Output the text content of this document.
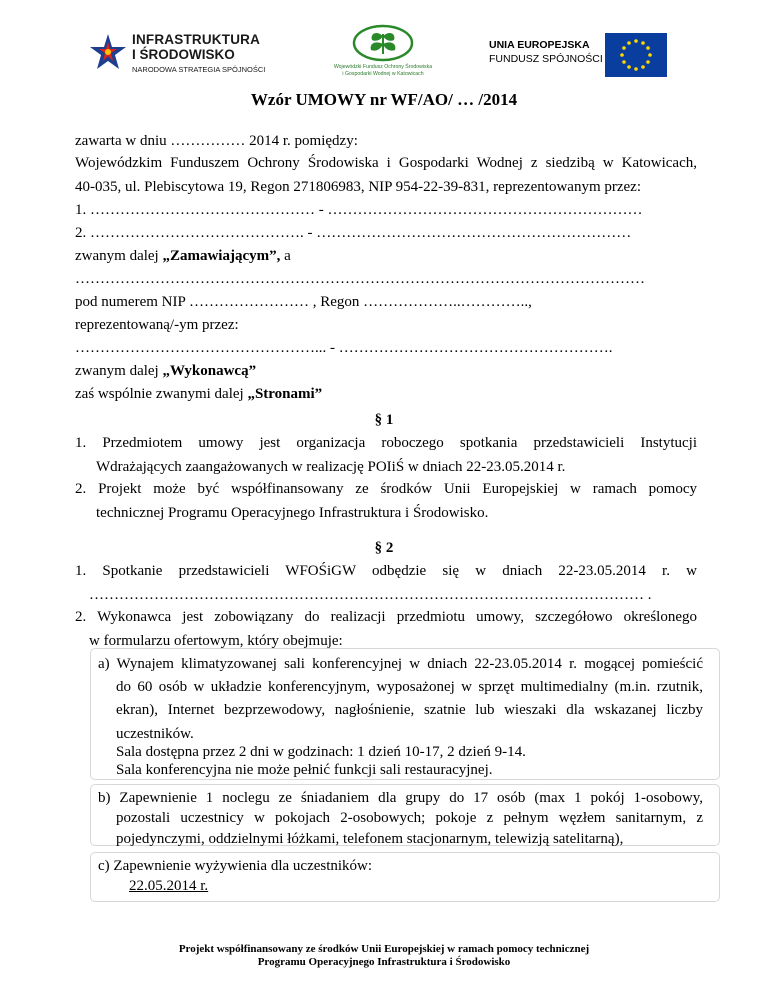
INFRASTRUKTURA
I ŚRODOWISKO
NARODOWA STRATEGIA SPÓJNOŚCI	Wojewódzki Fundusz Ochrony Środowiska
i Gospodarki Wodnej w Katowicach
UNIA EUROPEJSKA
FUNDUSZ SPÓJNOŚCI
Wzór UMOWY nr WF/AO/ … /2014
zawarta w dniu …………… 2014 r. pomiędzy:
Wojewódzkim Funduszem Ochrony Środowiska i Gospodarki Wodnej z siedzibą w Katowicach,
40-035, ul. Plebiscytowa 19, Regon 271806983, NIP 954-22-39-831, reprezentowanym przez:
1. ……………………………………… - ………………………………………………………
2. ……………………………………. - ………………………………………………………
zwanym dalej „Zamawiającym”, a
……………………………………………………………………………………………………
pod numerem NIP …………………… , Regon ………………..…………..,
reprezentowaną/-ym przez:
…………………………………………... - ……………………………………………….
zwanym dalej „Wykonawcą”
zaś wspólnie zwanymi dalej „Stronami”
§ 1
1. Przedmiotem umowy jest organizacja roboczego spotkania przedstawicieli Instytucji
Wdrażających zaangażowanych w realizację POIiŚ w dniach 22-23.05.2014 r.
2. Projekt może być współfinansowany ze środków Unii Europejskiej w ramach pomocy
technicznej Programu Operacyjnego Infrastruktura i Środowisko.
§ 2
1. Spotkanie przedstawicieli WFOŚiGW odbędzie się w dniach 22-23.05.2014 r. w
………………………………………………………………………………………………… .
2. Wykonawca jest zobowiązany do realizacji przedmiotu umowy, szczegółowo określonego
w formularzu ofertowym, który obejmuje:
a) Wynajem klimatyzowanej sali konferencyjnej w dniach 22-23.05.2014 r. mogącej pomieścić
do 60 osób w układzie konferencyjnym, wyposażonej w sprzęt multimedialny (m.in. rzutnik,
ekran), Internet bezprzewodowy, nagłośnienie, szatnie lub wieszaki dla wskazanej liczby
uczestników.
Sala dostępna przez 2 dni w godzinach: 1 dzień 10-17, 2 dzień 9-14.
Sala konferencyjna nie może pełnić funkcji sali restauracyjnej.
b) Zapewnienie 1 noclegu ze śniadaniem dla grupy do 17 osób (max 1 pokój 1-osobowy,
pozostali uczestnicy w pokojach 2-osobowych; pokoje z pełnym węzłem sanitarnym, z
pojedynczymi, oddzielnymi łóżkami, telefonem stacjonarnym, telewizją satelitarną),
c) Zapewnienie wyżywienia dla uczestników:
22.05.2014 r.
Projekt współfinansowany ze środków Unii Europejskiej w ramach pomocy technicznej
Programu Operacyjnego Infrastruktura i Środowisko
